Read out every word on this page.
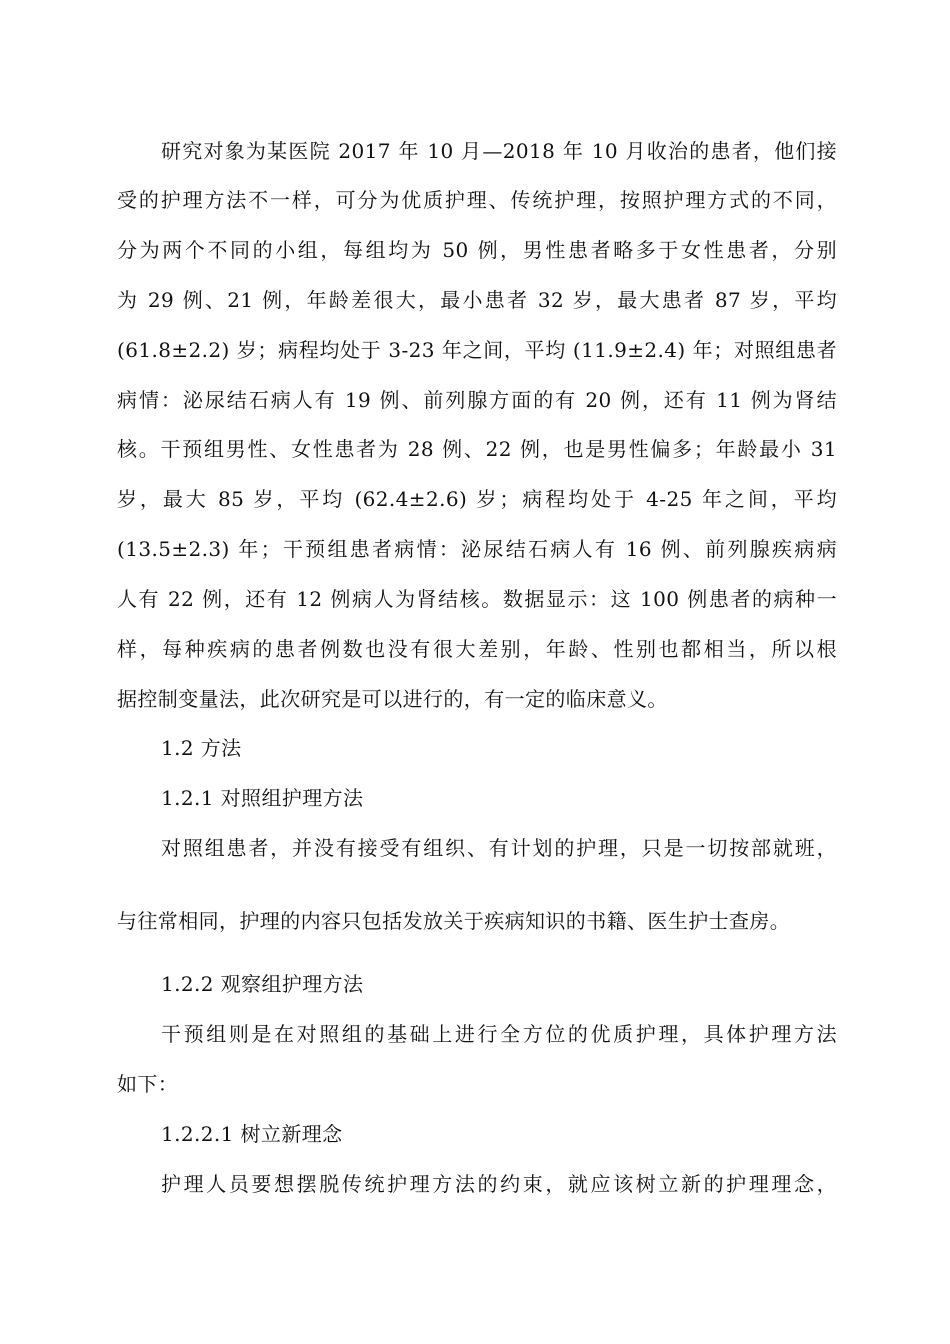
研究对象为某医院 2017 年 10 月—2018 年 10 月收治的患者，他们接
受的护理方法不一样，可分为优质护理、传统护理，按照护理方式的不同，
分为两个不同的小组，每组均为 50 例，男性患者略多于女性患者，分别
为 29 例、21 例，年龄差很大，最小患者 32 岁，最大患者 87 岁，平均
(61.8±2.2) 岁；病程均处于 3-23 年之间，平均 (11.9±2.4) 年；对照组患者
病情：泌尿结石病人有 19 例、前列腺方面的有 20 例，还有 11 例为肾结
核。干预组男性、女性患者为 28 例、22 例，也是男性偏多；年龄最小 31
岁，最大 85 岁，平均 (62.4±2.6) 岁；病程均处于 4-25 年之间，平均
(13.5±2.3) 年；干预组患者病情：泌尿结石病人有 16 例、前列腺疾病病
人有 22 例，还有 12 例病人为肾结核。数据显示：这 100 例患者的病种一
样，每种疾病的患者例数也没有很大差别，年龄、性别也都相当，所以根
据控制变量法，此次研究是可以进行的，有一定的临床意义。
1.2 方法
1.2.1 对照组护理方法
对照组患者，并没有接受有组织、有计划的护理，只是一切按部就班，
与往常相同，护理的内容只包括发放关于疾病知识的书籍、医生护士查房。
1.2.2 观察组护理方法
干预组则是在对照组的基础上进行全方位的优质护理，具体护理方法
如下：
1.2.2.1 树立新理念
护理人员要想摆脱传统护理方法的约束，就应该树立新的护理理念，
